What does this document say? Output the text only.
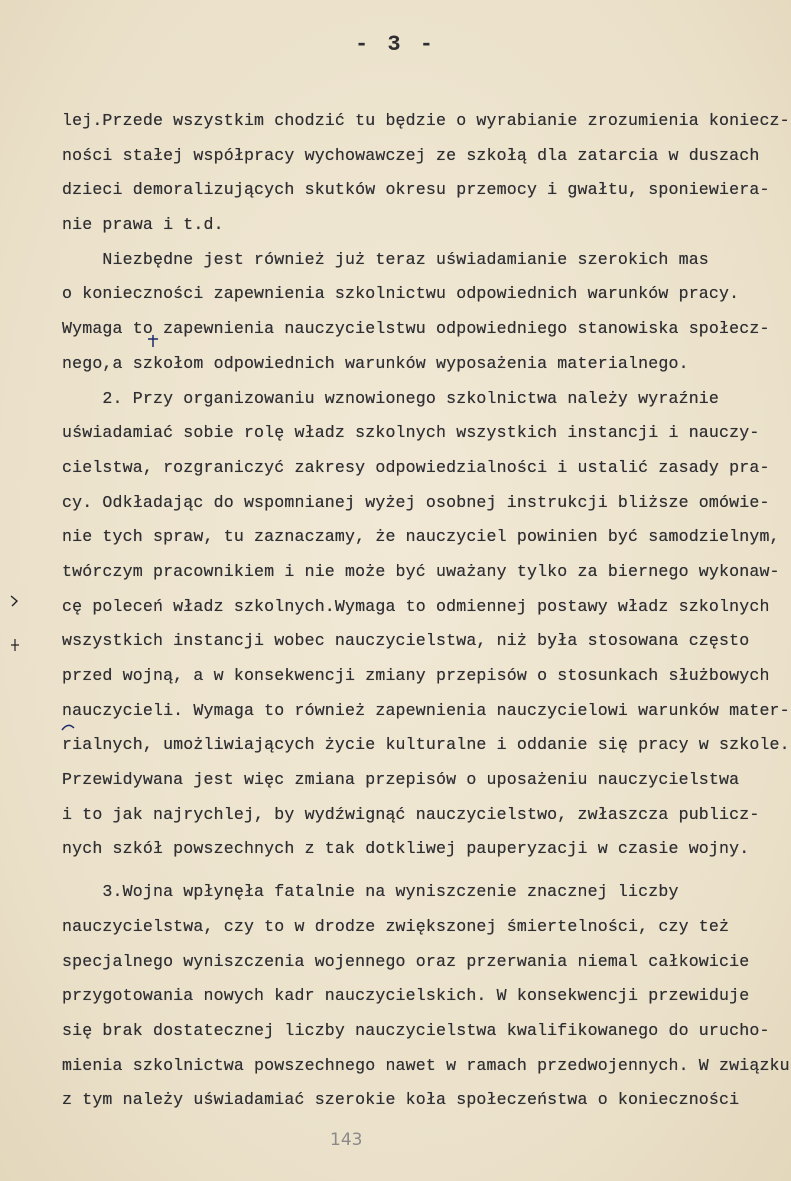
- 3 -
lej.Przede wszystkim chodzić tu będzie o wyrabianie zrozumienia koniecz-
ności stałej współpracy wychowawczej ze szkołą dla zatarcia w duszach
dzieci demoralizujących skutków okresu przemocy i gwałtu, sponiewiera-
nie prawa i t.d.
Niezbędne jest również już teraz uświadamianie szerokich mas
o konieczności zapewnienia szkolnictwu odpowiednich warunków pracy.
Wymaga to zapewnienia nauczycielstwu odpowiedniego stanowiska społecz-
nego,a szkołom odpowiednich warunków wyposażenia materialnego.
2. Przy organizowaniu wznowionego szkolnictwa należy wyraźnie
uświadamiać sobie rolę władz szkolnych wszystkich instancji i nauczy-
cielstwa, rozgraniczyć zakresy odpowiedzialności i ustalić zasady pra-
cy. Odkładając do wspomnianej wyżej osobnej instrukcji bliższe omówie-
nie tych spraw, tu zaznaczamy, że nauczyciel powinien być samodzielnym,
twórczym pracownikiem i nie może być uważany tylko za biernego wykonaw-
cę poleceń władz szkolnych.Wymaga to odmiennej postawy władz szkolnych
wszystkich instancji wobec nauczycielstwa, niż była stosowana często
przed wojną, a w konsekwencji zmiany przepisów o stosunkach służbowych
nauczycieli. Wymaga to również zapewnienia nauczycielowi warunków mater-
rialnych, umożliwiających życie kulturalne i oddanie się pracy w szkole.
Przewidywana jest więc zmiana przepisów o uposażeniu nauczycielstwa
i to jak najrychlej, by wydźwignąć nauczycielstwo, zwłaszcza publicz-
nych szkół powszechnych z tak dotkliwej pauperyzacji w czasie wojny.
3.Wojna wpłynęła fatalnie na wyniszczenie znacznej liczby
nauczycielstwa, czy to w drodze zwiększonej śmiertelności, czy też
specjalnego wyniszczenia wojennego oraz przerwania niemal całkowicie
przygotowania nowych kadr nauczycielskich. W konsekwencji przewiduje
się brak dostatecznej liczby nauczycielstwa kwalifikowanego do urucho-
mienia szkolnictwa powszechnego nawet w ramach przedwojennych. W związku
z tym należy uświadamiać szerokie koła społeczeństwa o konieczności
143
